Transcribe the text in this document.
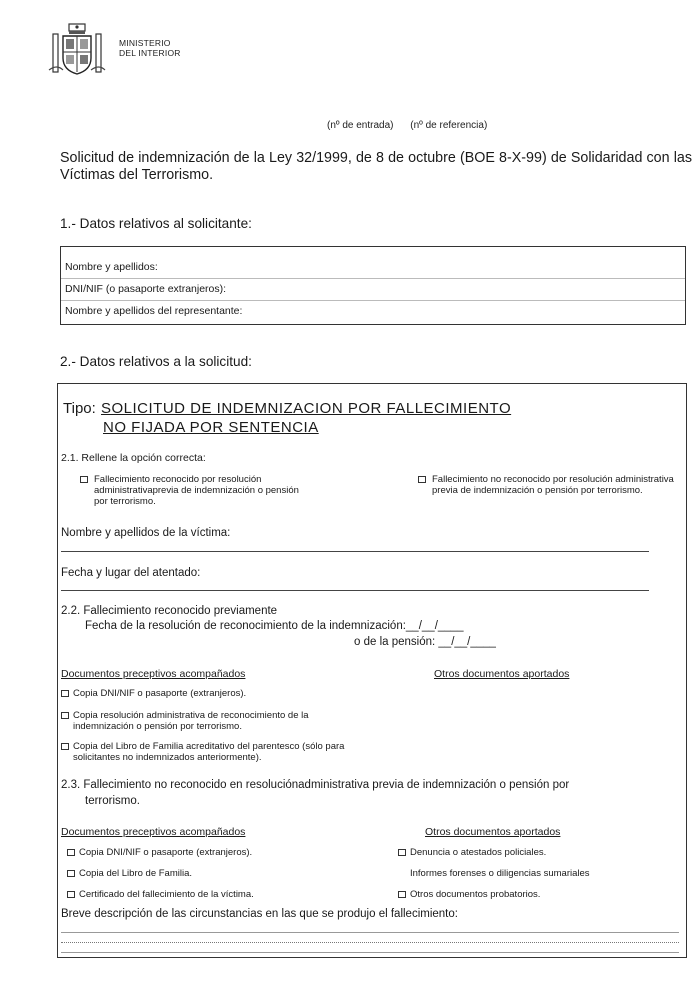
MINISTERIO
DEL INTERIOR
(nº de entrada) (nº de referencia)
Solicitud de indemnización de la Ley 32/1999, de 8 de octubre (BOE 8-X-99) de Solidaridad con las Víctimas del Terrorismo.
1.- Datos relativos al solicitante:
Nombre y apellidos:
DNI/NIF (o pasaporte extranjeros):
Nombre y apellidos del representante:
2.- Datos relativos a la solicitud:
Tipo: SOLICITUD DE INDEMNIZACION POR FALLECIMIENTO
NO FIJADA POR SENTENCIA
2.1. Rellene la opción correcta:
Fallecimiento reconocido por resolución administrativaprevia de indemnización o pensión por terrorismo.
Fallecimiento no reconocido por resolución administrativa previa de indemnización o pensión por terrorismo.
Nombre y apellidos de la víctima:
Fecha y lugar del atentado:
2.2. Fallecimiento reconocido previamente
Fecha de la resolución de reconocimiento de la indemnización:__/__/____
o de la pensión: __/__/____
Documentos preceptivos acompañados	Otros documentos aportados
Copia DNI/NIF o pasaporte (extranjeros).
Copia resolución administrativa de reconocimiento de la indemnización o pensión por terrorismo.
Copia del Libro de Familia acreditativo del parentesco (sólo para solicitantes no indemnizados anteriormente).
2.3. Fallecimiento no reconocido en resoluciónadministrativa previa de indemnización o pensión por
terrorismo.
Documentos preceptivos acompañados	Otros documentos aportados
Copia DNI/NIF o pasaporte (extranjeros).
Copia del Libro de Familia.
Certificado del fallecimiento de la víctima.
Denuncia o atestados policiales.
Informes forenses o diligencias sumariales
Otros documentos probatorios.
Breve descripción de las circunstancias en las que se produjo el fallecimiento:
